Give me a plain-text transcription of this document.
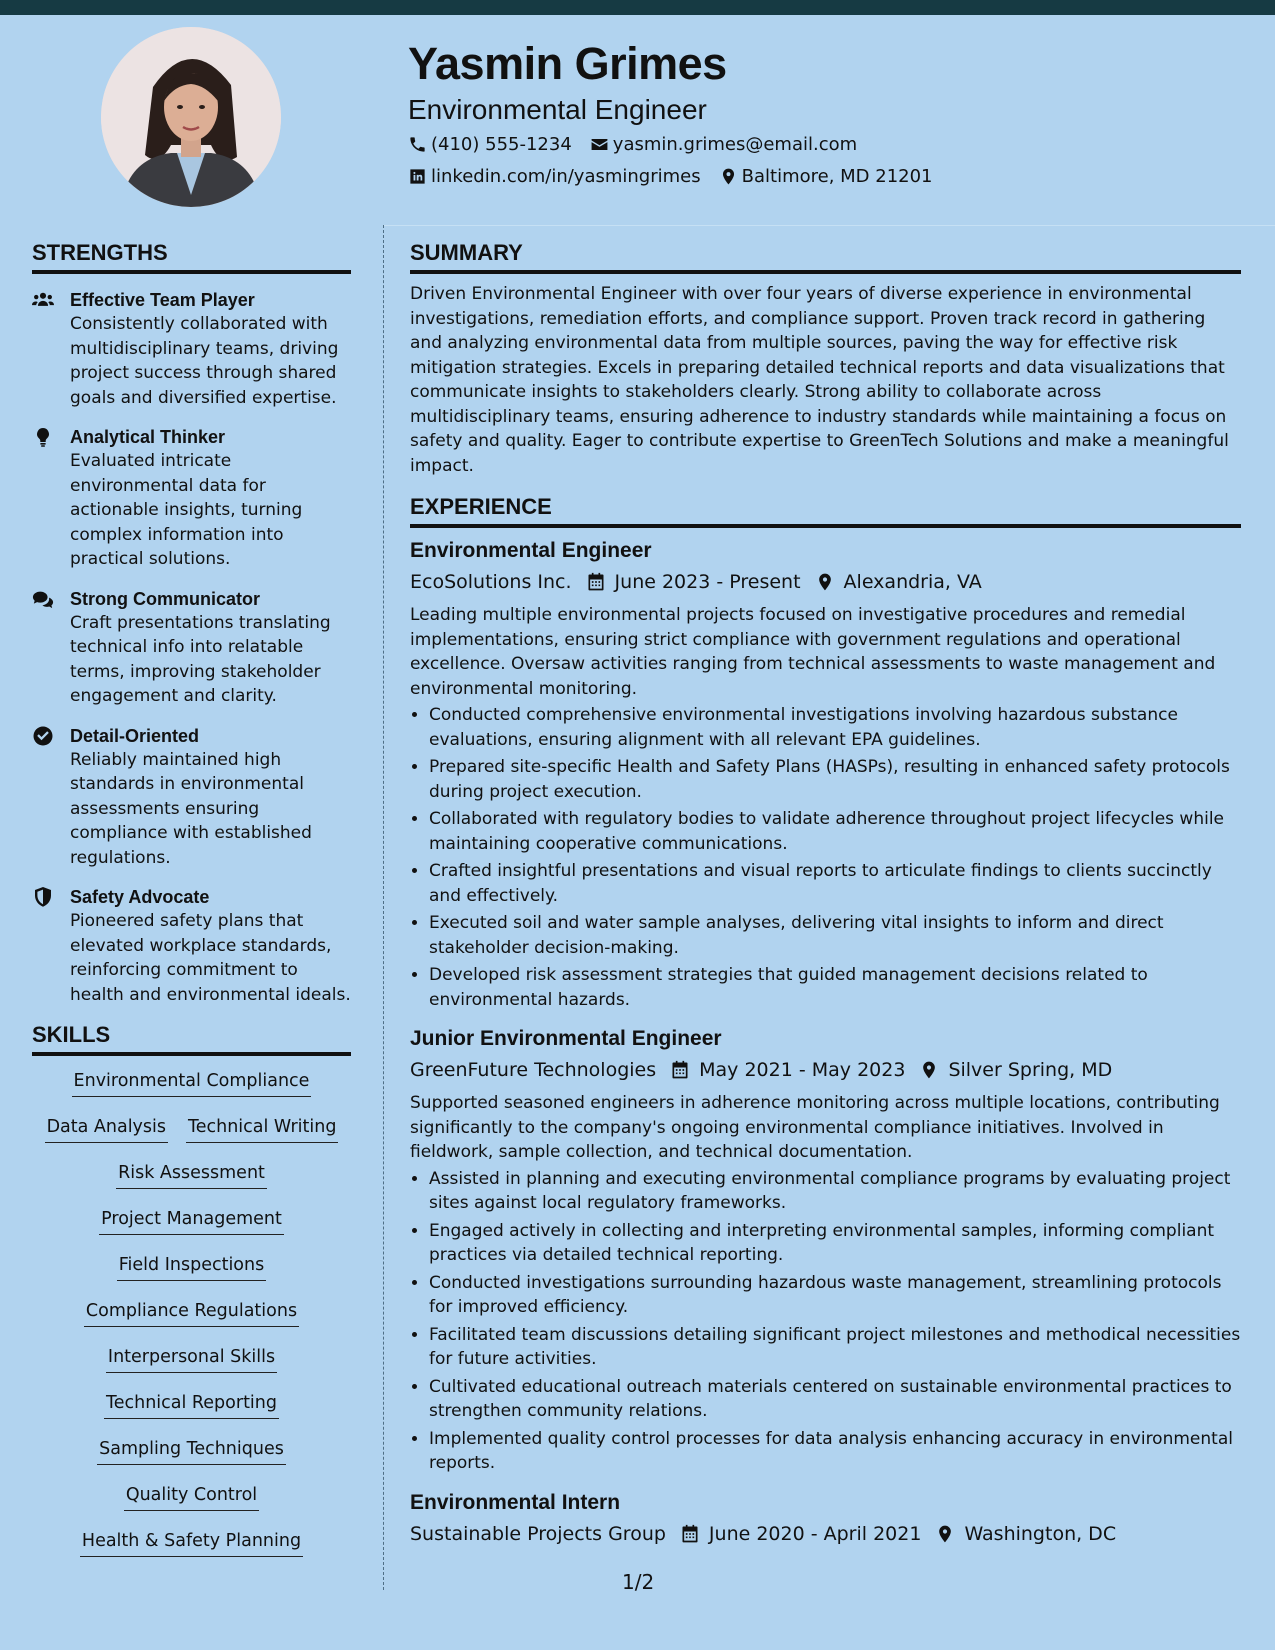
Yasmin Grimes
Environmental Engineer
(410) 555-1234 yasmin.grimes@email.com
linkedin.com/in/yasmingrimes Baltimore, MD 21201
STRENGTHS

Effective Team Player

Consistently collaborated with multidisciplinary teams, driving project success through shared goals and diversified expertise.

Analytical Thinker

Evaluated intricate environmental data for actionable insights, turning complex information into practical solutions.

Strong Communicator

Craft presentations translating technical info into relatable terms, improving stakeholder engagement and clarity.

Detail-Oriented

Reliably maintained high standards in environmental assessments ensuring compliance with established regulations.

Safety Advocate

Pioneered safety plans that elevated workplace standards, reinforcing commitment to health and environmental ideals.

SKILLS
Environmental Compliance
Data Analysis Technical Writing
Risk Assessment
Project Management
Field Inspections
Compliance Regulations
Interpersonal Skills
Technical Reporting
Sampling Techniques
Quality Control
Health & Safety Planning
SUMMARY

Driven Environmental Engineer with over four years of diverse experience in environmental investigations, remediation efforts, and compliance support. Proven track record in gathering and analyzing environmental data from multiple sources, paving the way for effective risk mitigation strategies. Excels in preparing detailed technical reports and data visualizations that communicate insights to stakeholders clearly. Strong ability to collaborate across multidisciplinary teams, ensuring adherence to industry standards while maintaining a focus on safety and quality. Eager to contribute expertise to GreenTech Solutions and make a meaningful impact.

EXPERIENCE

Environmental Engineer

EcoSolutions Inc. June 2023 - Present Alexandria, VA

Leading multiple environmental projects focused on investigative procedures and remedial implementations, ensuring strict compliance with government regulations and operational excellence. Oversaw activities ranging from technical assessments to waste management and environmental monitoring.

• Conducted comprehensive environmental investigations involving hazardous substance evaluations, ensuring alignment with all relevant EPA guidelines.
• Prepared site-specific Health and Safety Plans (HASPs), resulting in enhanced safety protocols during project execution.
• Collaborated with regulatory bodies to validate adherence throughout project lifecycles while maintaining cooperative communications.
• Crafted insightful presentations and visual reports to articulate findings to clients succinctly and effectively.
• Executed soil and water sample analyses, delivering vital insights to inform and direct stakeholder decision-making.
• Developed risk assessment strategies that guided management decisions related to environmental hazards.

Junior Environmental Engineer

GreenFuture Technologies May 2021 - May 2023 Silver Spring, MD

Supported seasoned engineers in adherence monitoring across multiple locations, contributing significantly to the company's ongoing environmental compliance initiatives. Involved in fieldwork, sample collection, and technical documentation.

• Assisted in planning and executing environmental compliance programs by evaluating project sites against local regulatory frameworks.
• Engaged actively in collecting and interpreting environmental samples, informing compliant practices via detailed technical reporting.
• Conducted investigations surrounding hazardous waste management, streamlining protocols for improved efficiency.
• Facilitated team discussions detailing significant project milestones and methodical necessities for future activities.
• Cultivated educational outreach materials centered on sustainable environmental practices to strengthen community relations.
• Implemented quality control processes for data analysis enhancing accuracy in environmental reports.

Environmental Intern

Sustainable Projects Group June 2020 - April 2021 Washington, DC
1/2
